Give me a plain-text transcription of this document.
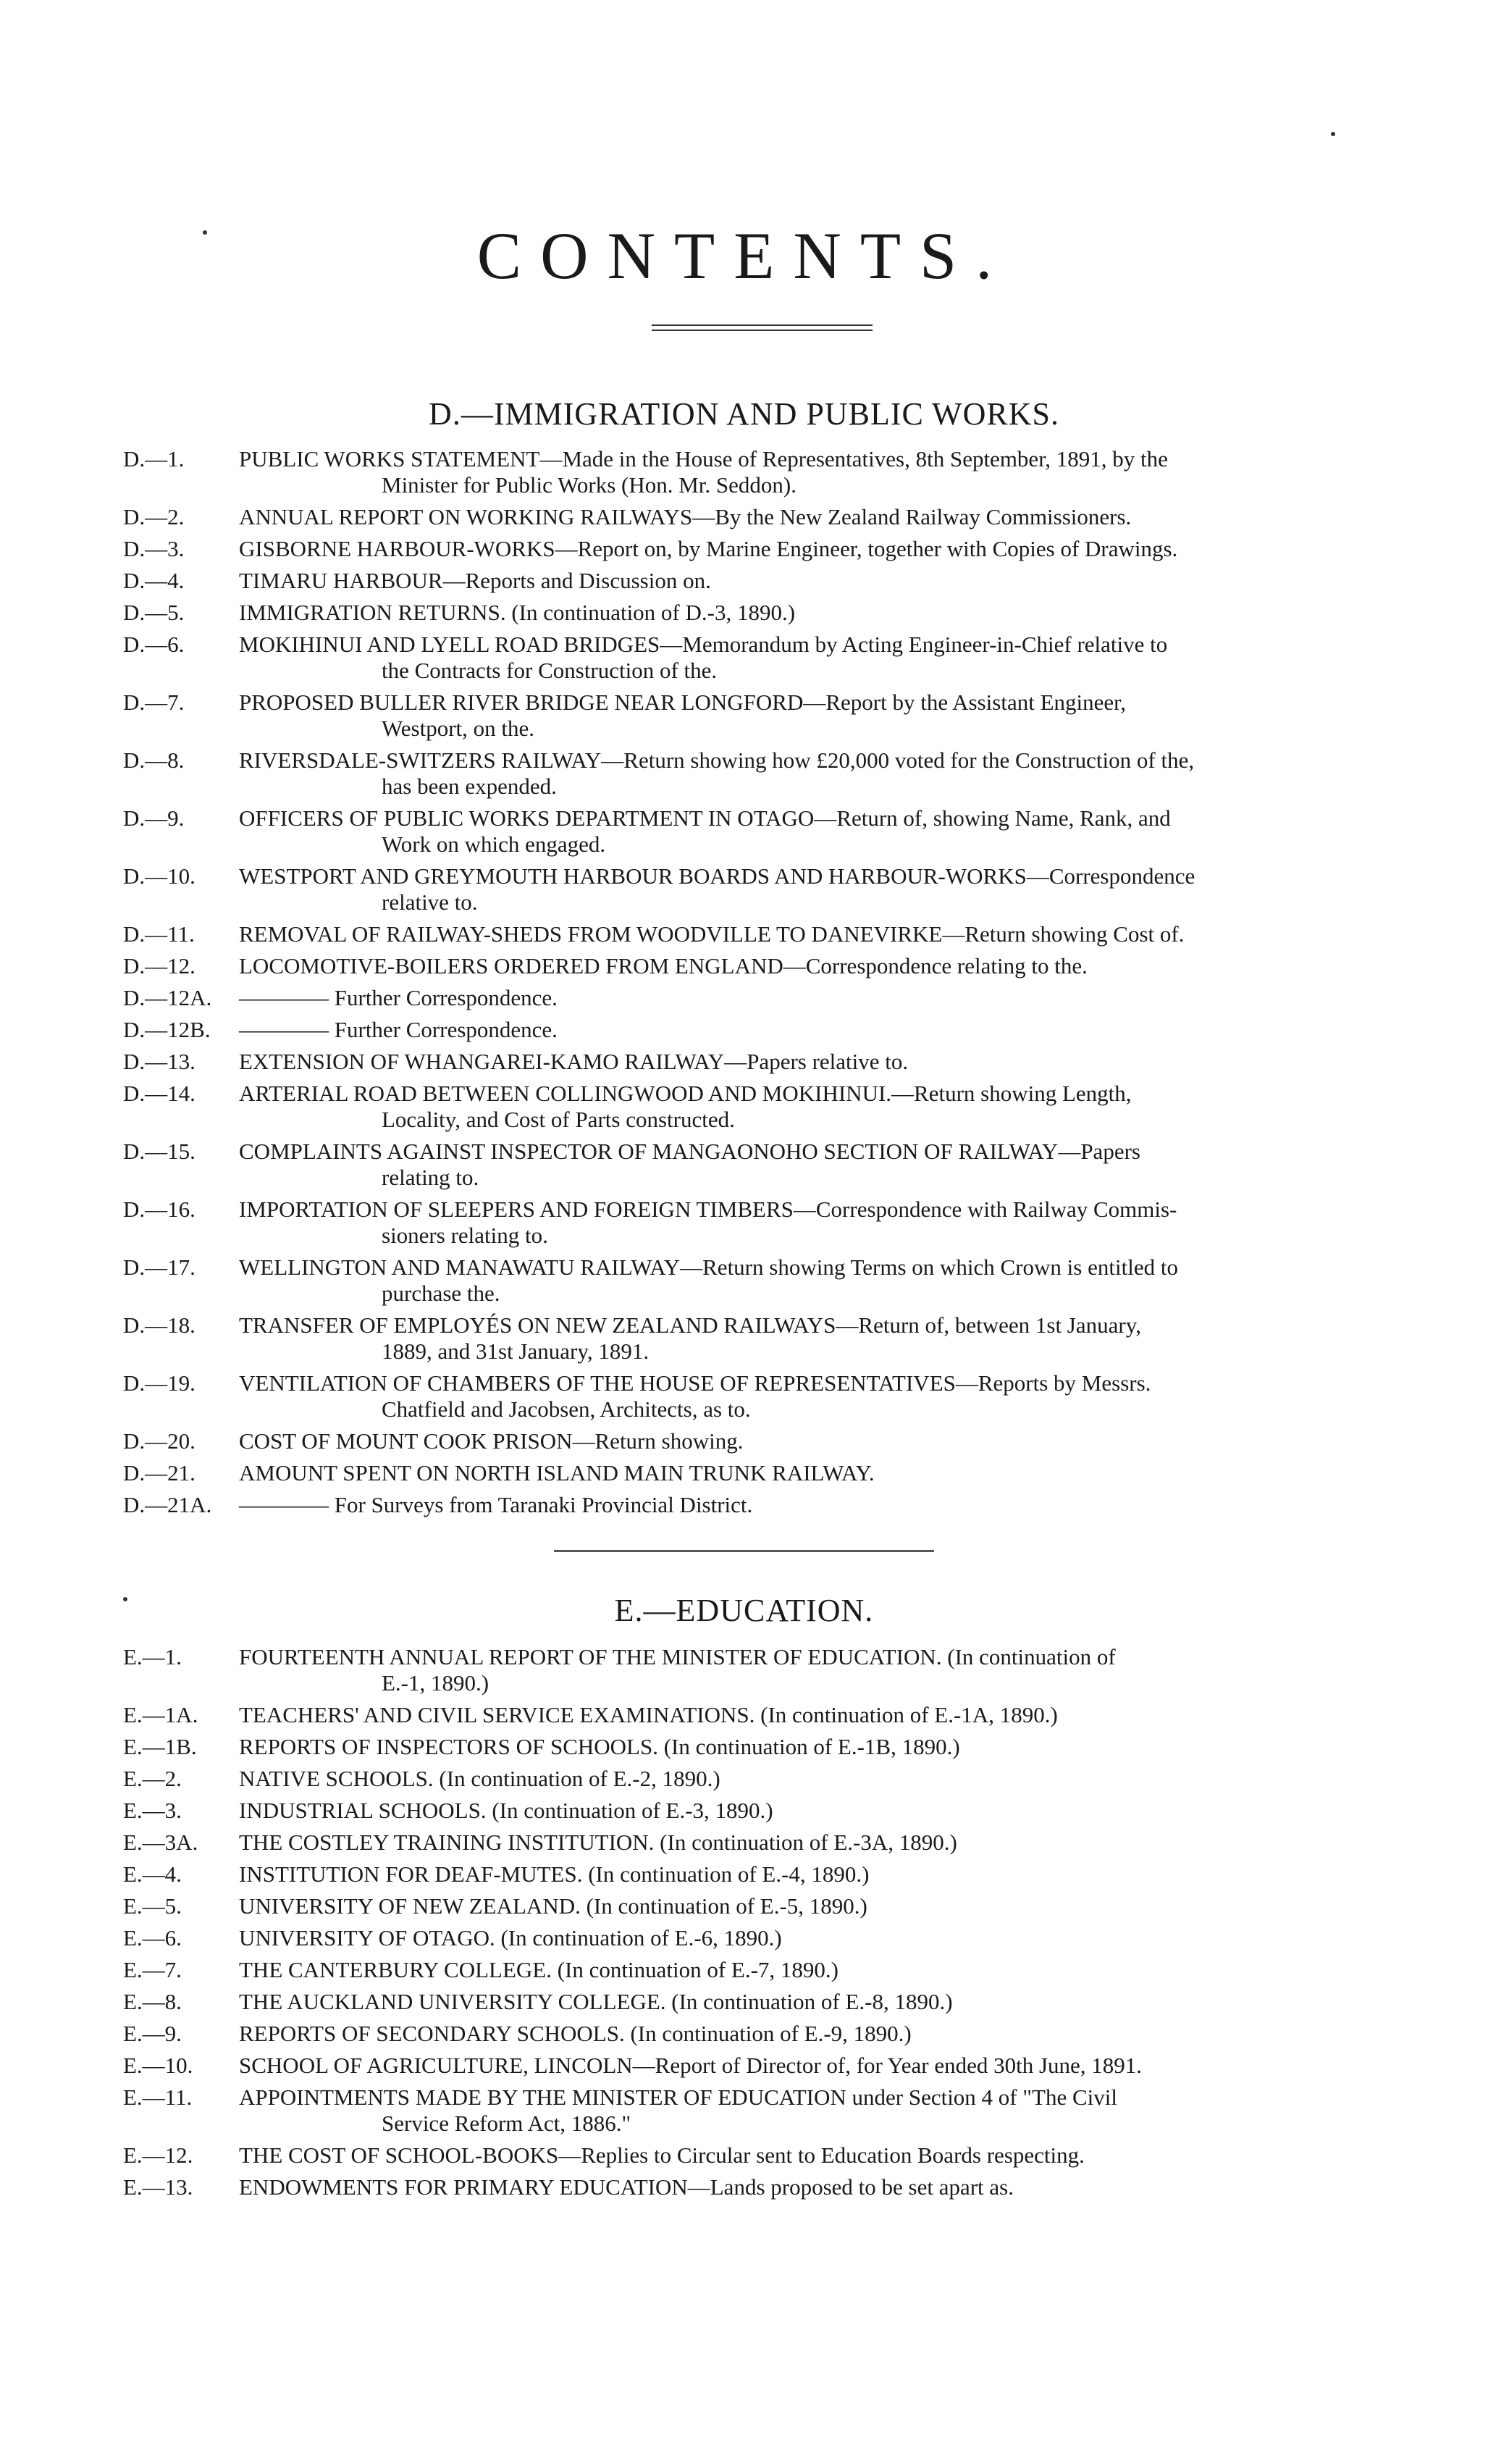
CONTENTS.
D.—IMMIGRATION AND PUBLIC WORKS.
D.—1.	PUBLIC WORKS STATEMENT—Made in the House of Representatives, 8th September, 1891, by the
Minister for Public Works (Hon. Mr. Seddon).
D.—2.	ANNUAL REPORT ON WORKING RAILWAYS—By the New Zealand Railway Commissioners.
D.—3.	GISBORNE HARBOUR-WORKS—Report on, by Marine Engineer, together with Copies of Drawings.
D.—4.	TIMARU HARBOUR—Reports and Discussion on.
D.—5.	IMMIGRATION RETURNS. (In continuation of D.-3, 1890.)
D.—6.	MOKIHINUI AND LYELL ROAD BRIDGES—Memorandum by Acting Engineer-in-Chief relative to
the Contracts for Construction of the.
D.—7.	PROPOSED BULLER RIVER BRIDGE NEAR LONGFORD—Report by the Assistant Engineer,
Westport, on the.
D.—8.	RIVERSDALE-SWITZERS RAILWAY—Return showing how £20,000 voted for the Construction of the,
has been expended.
D.—9.	OFFICERS OF PUBLIC WORKS DEPARTMENT IN OTAGO—Return of, showing Name, Rank, and
Work on which engaged.
D.—10.	WESTPORT AND GREYMOUTH HARBOUR BOARDS AND HARBOUR-WORKS—Correspondence
relative to.
D.—11.	REMOVAL OF RAILWAY-SHEDS FROM WOODVILLE TO DANEVIRKE—Return showing Cost of.
D.—12.	LOCOMOTIVE-BOILERS ORDERED FROM ENGLAND—Correspondence relating to the.
D.—12A.	———— Further Correspondence.
D.—12B.	———— Further Correspondence.
D.—13.	EXTENSION OF WHANGAREI-KAMO RAILWAY—Papers relative to.
D.—14.	ARTERIAL ROAD BETWEEN COLLINGWOOD AND MOKIHINUI.—Return showing Length,
Locality, and Cost of Parts constructed.
D.—15.	COMPLAINTS AGAINST INSPECTOR OF MANGAONOHO SECTION OF RAILWAY—Papers
relating to.
D.—16.	IMPORTATION OF SLEEPERS AND FOREIGN TIMBERS—Correspondence with Railway Commis-
sioners relating to.
D.—17.	WELLINGTON AND MANAWATU RAILWAY—Return showing Terms on which Crown is entitled to
purchase the.
D.—18.	TRANSFER OF EMPLOYÉS ON NEW ZEALAND RAILWAYS—Return of, between 1st January,
1889, and 31st January, 1891.
D.—19.	VENTILATION OF CHAMBERS OF THE HOUSE OF REPRESENTATIVES—Reports by Messrs.
Chatfield and Jacobsen, Architects, as to.
D.—20.	COST OF MOUNT COOK PRISON—Return showing.
D.—21.	AMOUNT SPENT ON NORTH ISLAND MAIN TRUNK RAILWAY.
D.—21A.	———— For Surveys from Taranaki Provincial District.
E.—EDUCATION.
E.—1.	FOURTEENTH ANNUAL REPORT OF THE MINISTER OF EDUCATION. (In continuation of
E.-1, 1890.)
E.—1A.	TEACHERS' AND CIVIL SERVICE EXAMINATIONS. (In continuation of E.-1A, 1890.)
E.—1B.	REPORTS OF INSPECTORS OF SCHOOLS. (In continuation of E.-1B, 1890.)
E.—2.	NATIVE SCHOOLS. (In continuation of E.-2, 1890.)
E.—3.	INDUSTRIAL SCHOOLS. (In continuation of E.-3, 1890.)
E.—3A.	THE COSTLEY TRAINING INSTITUTION. (In continuation of E.-3A, 1890.)
E.—4.	INSTITUTION FOR DEAF-MUTES. (In continuation of E.-4, 1890.)
E.—5.	UNIVERSITY OF NEW ZEALAND. (In continuation of E.-5, 1890.)
E.—6.	UNIVERSITY OF OTAGO. (In continuation of E.-6, 1890.)
E.—7.	THE CANTERBURY COLLEGE. (In continuation of E.-7, 1890.)
E.—8.	THE AUCKLAND UNIVERSITY COLLEGE. (In continuation of E.-8, 1890.)
E.—9.	REPORTS OF SECONDARY SCHOOLS. (In continuation of E.-9, 1890.)
E.—10.	SCHOOL OF AGRICULTURE, LINCOLN—Report of Director of, for Year ended 30th June, 1891.
E.—11.	APPOINTMENTS MADE BY THE MINISTER OF EDUCATION under Section 4 of "The Civil
Service Reform Act, 1886."
E.—12.	THE COST OF SCHOOL-BOOKS—Replies to Circular sent to Education Boards respecting.
E.—13.	ENDOWMENTS FOR PRIMARY EDUCATION—Lands proposed to be set apart as.
